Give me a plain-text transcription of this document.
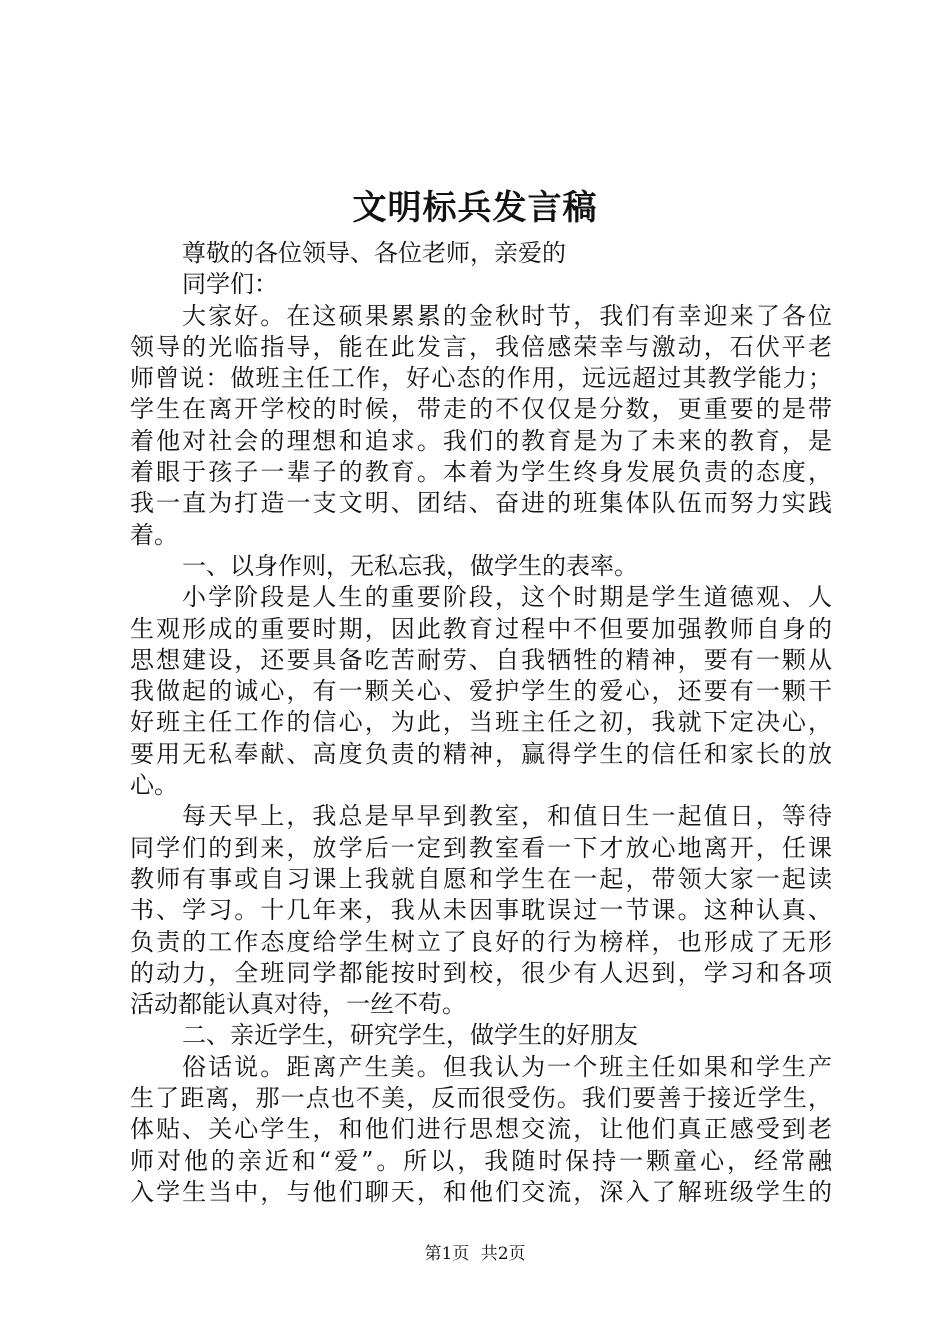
文明标兵发言稿
尊敬的各位领导、各位老师，亲爱的
同学们：
大家好。在这硕果累累的金秋时节，我们有幸迎来了各位
领导的光临指导，能在此发言，我倍感荣幸与激动，石伏平老
师曾说：做班主任工作，好心态的作用，远远超过其教学能力；
学生在离开学校的时候，带走的不仅仅是分数，更重要的是带
着他对社会的理想和追求。我们的教育是为了未来的教育，是
着眼于孩子一辈子的教育。本着为学生终身发展负责的态度，
我一直为打造一支文明、团结、奋进的班集体队伍而努力实践
着。
一、以身作则，无私忘我，做学生的表率。
小学阶段是人生的重要阶段，这个时期是学生道德观、人
生观形成的重要时期，因此教育过程中不但要加强教师自身的
思想建设，还要具备吃苦耐劳、自我牺牲的精神，要有一颗从
我做起的诚心，有一颗关心、爱护学生的爱心，还要有一颗干
好班主任工作的信心，为此，当班主任之初，我就下定决心，
要用无私奉献、高度负责的精神，赢得学生的信任和家长的放
心。
每天早上，我总是早早到教室，和值日生一起值日，等待
同学们的到来，放学后一定到教室看一下才放心地离开，任课
教师有事或自习课上我就自愿和学生在一起，带领大家一起读
书、学习。十几年来，我从未因事耽误过一节课。这种认真、
负责的工作态度给学生树立了良好的行为榜样，也形成了无形
的动力，全班同学都能按时到校，很少有人迟到，学习和各项
活动都能认真对待，一丝不苟。
二、亲近学生，研究学生，做学生的好朋友
俗话说。距离产生美。但我认为一个班主任如果和学生产
生了距离，那一点也不美，反而很受伤。我们要善于接近学生，
体贴、关心学生，和他们进行思想交流，让他们真正感受到老
师对他的亲近和“爱”。所以，我随时保持一颗童心，经常融
入学生当中，与他们聊天，和他们交流，深入了解班级学生的
第1页 共2页
